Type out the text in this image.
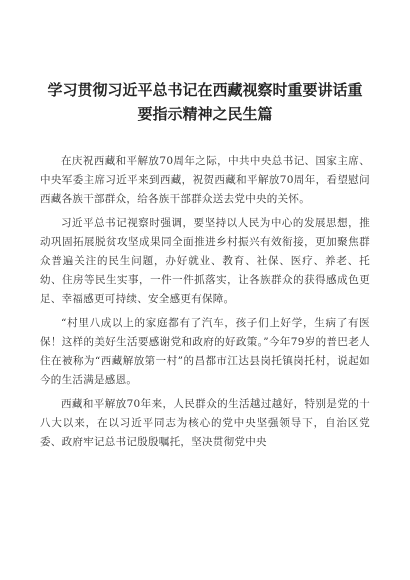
学习贯彻习近平总书记在西藏视察时重要讲话重
要指示精神之民生篇

在庆祝西藏和平解放70周年之际，中共中央总书记、国家主席、中央军委主席习近平来到西藏，祝贺西藏和平解放70周年，看望慰问西藏各族干部群众，给各族干部群众送去党中央的关怀。

习近平总书记视察时强调，要坚持以人民为中心的发展思想，推动巩固拓展脱贫攻坚成果同全面推进乡村振兴有效衔接，更加聚焦群众普遍关注的民生问题，办好就业、教育、社保、医疗、养老、托幼、住房等民生实事，一件一件抓落实，让各族群众的获得感成色更足、幸福感更可持续、安全感更有保障。

“村里八成以上的家庭都有了汽车，孩子们上好学，生病了有医保！这样的美好生活要感谢党和政府的好政策。”今年79岁的普巴老人住在被称为“西藏解放第一村”的昌都市江达县岗托镇岗托村，说起如今的生活满是感恩。

西藏和平解放70年来，人民群众的生活越过越好，特别是党的十八大以来，在以习近平同志为核心的党中央坚强领导下，自治区党委、政府牢记总书记殷殷嘱托，坚决贯彻党中央
